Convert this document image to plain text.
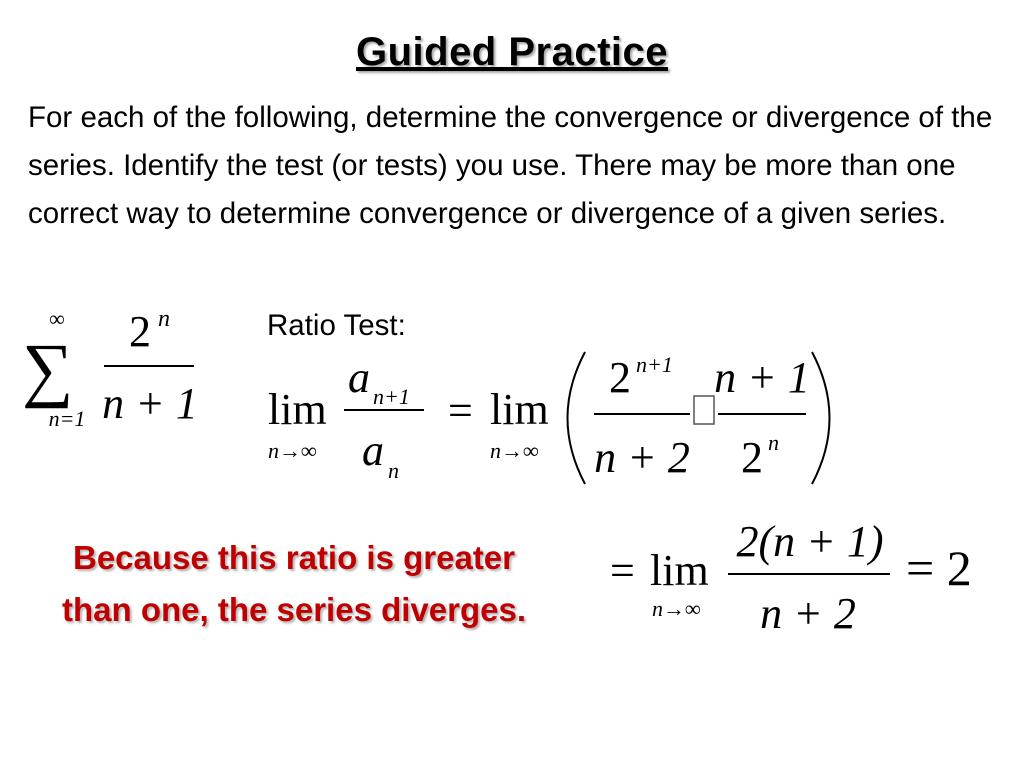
Guided Practice

For each of the following, determine the convergence or divergence of the series. Identify the test (or tests) you use. There may be more than one correct way to determine convergence or divergence of a given series.

Ratio Test:
Because this ratio is greater
than one, the series diverges.
∞
∑
n=1
2 n
n + 1 lim
n→∞
a n+1
a n
= lim
n→∞
2 n+1
n + 2
n + 1
2 n
= lim
n→∞
2(n + 1)
n + 2
= 2
